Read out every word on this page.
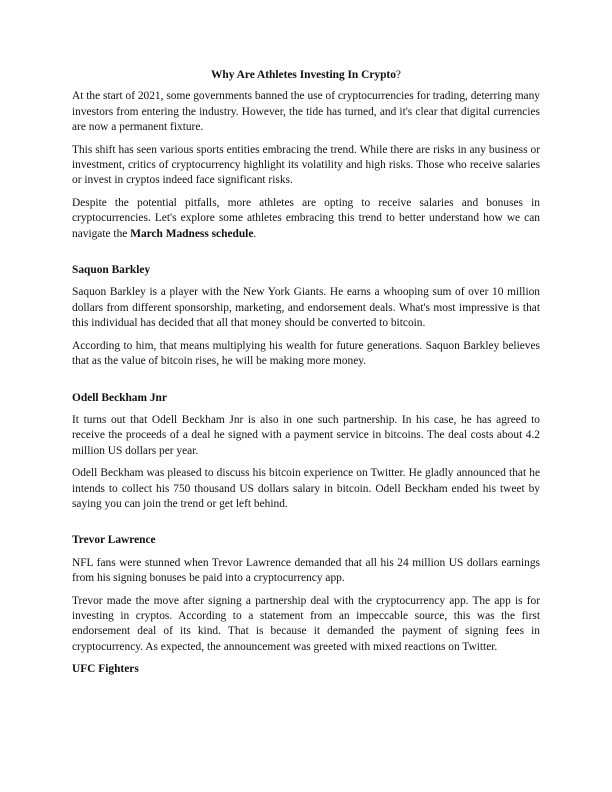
Why Are Athletes Investing In Crypto?

At the start of 2021, some governments banned the use of cryptocurrencies for trading, deterring many investors from entering the industry. However, the tide has turned, and it's clear that digital currencies are now a permanent fixture.

This shift has seen various sports entities embracing the trend. While there are risks in any business or investment, critics of cryptocurrency highlight its volatility and high risks. Those who receive salaries or invest in cryptos indeed face significant risks.

Despite the potential pitfalls, more athletes are opting to receive salaries and bonuses in cryptocurrencies. Let's explore some athletes embracing this trend to better understand how we can navigate the March Madness schedule.

Saquon Barkley

Saquon Barkley is a player with the New York Giants. He earns a whooping sum of over 10 million dollars from different sponsorship, marketing, and endorsement deals. What's most impressive is that this individual has decided that all that money should be converted to bitcoin.

According to him, that means multiplying his wealth for future generations. Saquon Barkley believes that as the value of bitcoin rises, he will be making more money.

Odell Beckham Jnr

It turns out that Odell Beckham Jnr is also in one such partnership. In his case, he has agreed to receive the proceeds of a deal he signed with a payment service in bitcoins. The deal costs about 4.2 million US dollars per year.

Odell Beckham was pleased to discuss his bitcoin experience on Twitter. He gladly announced that he intends to collect his 750 thousand US dollars salary in bitcoin. Odell Beckham ended his tweet by saying you can join the trend or get left behind.

Trevor Lawrence

NFL fans were stunned when Trevor Lawrence demanded that all his 24 million US dollars earnings from his signing bonuses be paid into a cryptocurrency app.

Trevor made the move after signing a partnership deal with the cryptocurrency app. The app is for investing in cryptos. According to a statement from an impeccable source, this was the first endorsement deal of its kind. That is because it demanded the payment of signing fees in cryptocurrency. As expected, the announcement was greeted with mixed reactions on Twitter.

UFC Fighters
